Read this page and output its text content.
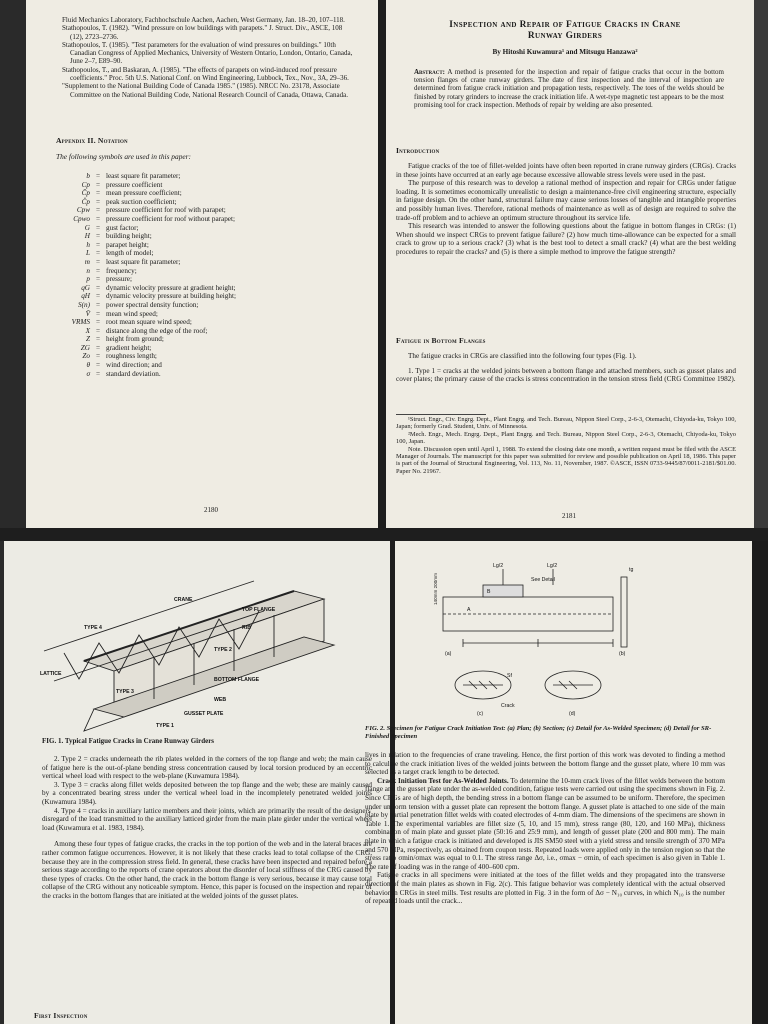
Fluid Mechanics Laboratory, Fachhochschule Aachen, Aachen, West Germany, Jan. 18–20, 107–118.

Stathopoulos, T. (1982). "Wind pressure on low buildings with parapets." J. Struct. Div., ASCE, 108 (12), 2723–2736.

Stathopoulos, T. (1985). "Test parameters for the evaluation of wind pressures on buildings." 10th Canadian Congress of Applied Mechanics, University of Western Ontario, London, Ontario, Canada, June 2–7, E89–90.

Stathopoulos, T., and Baskaran, A. (1985). "The effects of parapets on wind-induced roof pressure coefficients." Proc. 5th U.S. National Conf. on Wind Engineering, Lubbock, Tex., Nov., 3A, 29–36.

"Supplement to the National Building Code of Canada 1985." (1985). NRCC No. 23178, Associate Committee on the National Building Code, National Research Council of Canada, Ottawa, Canada.

Appendix II. Notation
The following symbols are used in this paper:
b = least square fit parameter;
Cp = pressure coefficient
C̄p = mean pressure coefficient;
Čp = peak suction coefficient;
Cpw = pressure coefficient for roof with parapet;
Cpwo = pressure coefficient for roof without parapet;
G = gust factor;
H = building height;
h = parapet height;
L = length of model;
m = least square fit parameter;
n = frequency;
p = pressure;
qG = dynamic velocity pressure at gradient height;
qH = dynamic velocity pressure at building height;
S(n) = power spectral density function;
V̄ = mean wind speed;
VRMS = root mean square wind speed;
X = distance along the edge of the roof;
Z = height from ground;
ZG = gradient height;
Zo = roughness length;
θ = wind direction; and
σ = standard deviation.
2180
Inspection and Repair of Fatigue Cracks in Crane
Runway Girders
By Hitoshi Kuwamura¹ and Mitsugu Hanzawa²
Abstract: A method is presented for the inspection and repair of fatigue cracks that occur in the bottom tension flanges of crane runway girders. The date of first inspection and the interval of inspection are determined from fatigue crack initiation and propagation tests, respectively. The toes of the welds should be finished by rotary grinders to increase the crack initiation life. A wet-type magnetic test appears to be the most promising tool for crack inspection. Methods of repair by welding are also presented.
Introduction

Fatigue cracks of the toe of fillet-welded joints have often been reported in crane runway girders (CRGs). Cracks in these joints have occurred at an early age because excessive allowable stress levels were used in the past.

The purpose of this research was to develop a rational method of inspection and repair for CRGs under fatigue loading. It is sometimes economically unrealistic to design a maintenance-free civil engineering structure, especially in fatigue design. On the other hand, structural failure may cause serious losses of tangible and intangible properties and possibly human lives. Therefore, rational methods of maintenance as well as of design are required to solve the trade-off problem and to achieve an optimum structure throughout its service life.

This research was intended to answer the following questions about the fatigue in bottom flanges in CRGs: (1) When should we inspect CRGs to prevent fatigue failure? (2) how much time-allowance can be expected for a small crack to grow up to a serious crack? (3) what is the best tool to detect a small crack? (4) what are the best welding procedures to repair the cracks? and (5) is there a simple method to improve the fatigue strength?

Fatigue in Bottom Flanges

The fatigue cracks in CRGs are classified into the following four types (Fig. 1).

1. Type 1 = cracks at the welded joints between a bottom flange and attached members, such as gusset plates and cover plates; the primary cause of the cracks is stress concentration in the tension stress field (CRG Committee 1982).

¹Struct. Engr., Civ. Engrg. Dept., Plant Engrg. and Tech. Bureau, Nippon Steel Corp., 2-6-3, Otemachi, Chiyoda-ku, Tokyo 100, Japan; formerly Grad. Student, Univ. of Minnesota.

²Mech. Engr., Mech. Engrg. Dept., Plant Engrg. and Tech. Bureau, Nippon Steel Corp., 2-6-3, Otemachi, Chiyoda-ku, Tokyo 100, Japan.

Note. Discussion open until April 1, 1988. To extend the closing date one month, a written request must be filed with the ASCE Manager of Journals. The manuscript for this paper was submitted for review and possible publication on April 18, 1986. This paper is part of the Journal of Structural Engineering, Vol. 113, No. 11, November, 1987. ©ASCE, ISSN 0733-9445/87/0011-2181/$01.00. Paper No. 21967.

2181
CRANE
TOP FLANGE
RIB
TYPE 4
TYPE 2
LATTICE
BOTTOM FLANGE
TYPE 3
WEB
GUSSET PLATE
TYPE 1
FIG. 1. Typical Fatigue Cracks in Crane Runway Girders

2. Type 2 = cracks underneath the rib plates welded in the corners of the top flange and web; the main cause of fatigue here is the out-of-plane bending stress concentration caused by local torsion produced by an eccentric vertical wheel load with respect to the web-plane (Kuwamura 1984).

3. Type 3 = cracks along fillet welds deposited between the top flange and the web; these are mainly caused by a concentrated bearing stress under the vertical wheel load in the incompletely penetrated welded joints (Kuwamura 1984).

4. Type 4 = cracks in auxiliary lattice members and their joints, which are primarily the result of the designers' disregard of the load transmitted to the auxiliary latticed girder from the main plate girder under the vertical wheel load (Kuwamura et al. 1983, 1984).

Among these four types of fatigue cracks, the cracks in the top portion of the web and in the lateral braces are rather common fatigue occurrences. However, it is not likely that these cracks lead to total collapse of the CRG, because they are in the compression stress field. In general, these cracks have been inspected and repaired before a serious stage according to the reports of crane operators about the disorder of local stiffness of the CRG caused by these types of cracks. On the other hand, the crack in the bottom flange is very serious, because it may cause total collapse of the CRG without any noticeable symptom. Hence, this paper is focused on the inspection and repair of the cracks in the bottom flanges that are initiated at the welded joints of the gusset plates.

First Inspection
140mm 200mm
Lg/2	Lg/2
See Detail
B
A
tg
(a)	(b)
Crack
Sf
(c)	(d)
FIG. 2. Specimen for Fatigue Crack Initiation Test: (a) Plan; (b) Section; (c) Detail for As-Welded Specimen; (d) Detail for SR-Finished Specimen

lives in relation to the frequencies of crane traveling. Hence, the first portion of this work was devoted to finding a method to calculate the crack initiation lives of the welded joints between the bottom flange and the gusset plate, where 10 mm was selected as a target crack length to be detected.

Crack Initiation Test for As-Welded Joints. To determine the 10-mm crack lives of the fillet welds between the bottom flange and the gusset plate under the as-welded condition, fatigue tests were carried out using the specimens shown in Fig. 2. Since CRGs are of high depth, the bending stress in a bottom flange can be assumed to be uniform. Therefore, the specimen under uniform tension with a gusset plate can represent the bottom flange. A gusset plate is attached to one side of the main plate by partial penetration fillet welds with coated electrodes of 4-mm diam. The dimensions of the specimens are shown in Table 1. The experimental variables are fillet size (5, 10, and 15 mm), stress range (80, 120, and 160 MPa), thickness combination of main plate and gusset plate (50:16 and 25:9 mm), and length of gusset plate (200 and 800 mm). The main plate in which a fatigue crack is initiated and developed is JIS SM50 steel with a yield stress and tensile strength of 370 MPa and 570 MPa, respectively, as obtained from coupon tests. Repeated loads were applied only in the tension region so that the stress ratio σmin/σmax was equal to 0.1. The stress range Δσ, i.e., σmax − σmin, of each specimen is also given in Table 1. The rate of loading was in the range of 400–600 cpm.

Fatigue cracks in all specimens were initiated at the toes of the fillet welds and they propagated into the transverse direction of the main plates as shown in Fig. 2(c). This fatigue behavior was completely identical with the actual observed behavior in CRGs in steel mills. Test results are plotted in Fig. 3 in the form of Δσ − N₁₀ curves, in which N₁₀ is the number of repeated loads until the crack...
